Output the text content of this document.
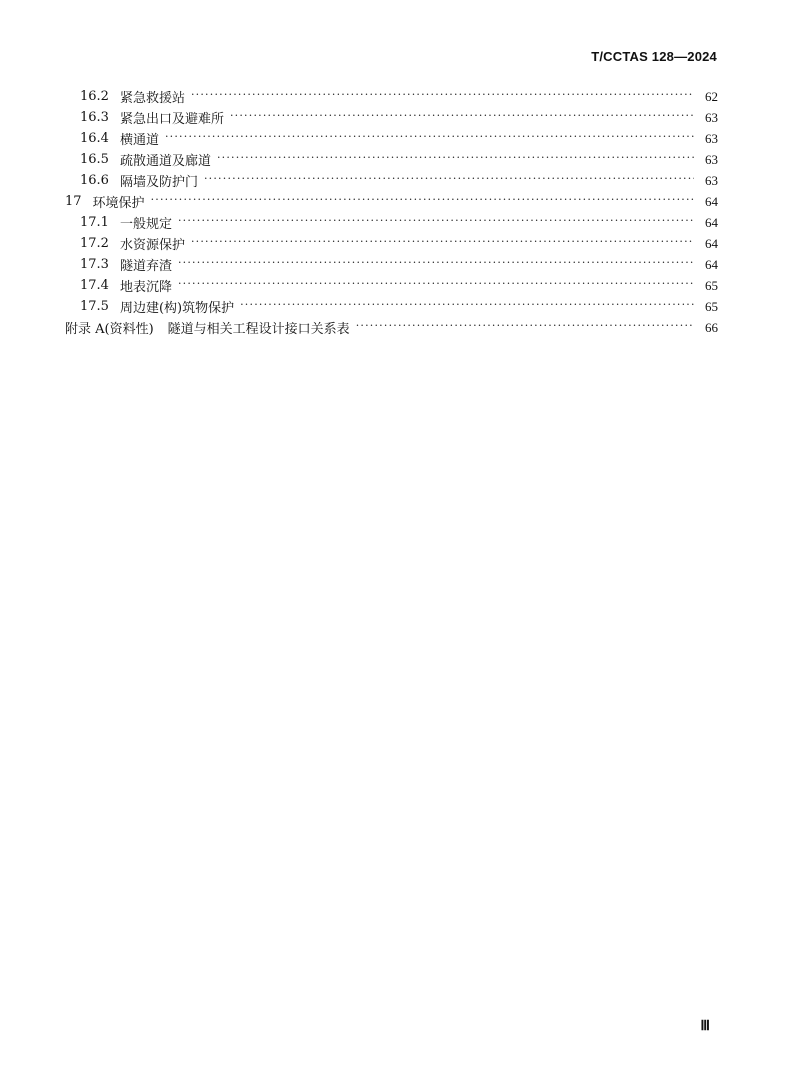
T/CCTAS 128—2024
16.2 紧急救援站 ·····	62
16.3 紧急出口及避难所 ·····	63
16.4 横通道 ·····	63
16.5 疏散通道及廊道 ·····	63
16.6 隔墙及防护门 ·····	63
17 环境保护 ·····	64
17.1 一般规定 ·····	64
17.2 水资源保护 ·····	64
17.3 隧道弃渣 ·····	64
17.4 地表沉降 ·····	65
17.5 周边建(构)筑物保护 ·····	65
附录 A(资料性) 隧道与相关工程设计接口关系表 ·····	66
Ⅲ
